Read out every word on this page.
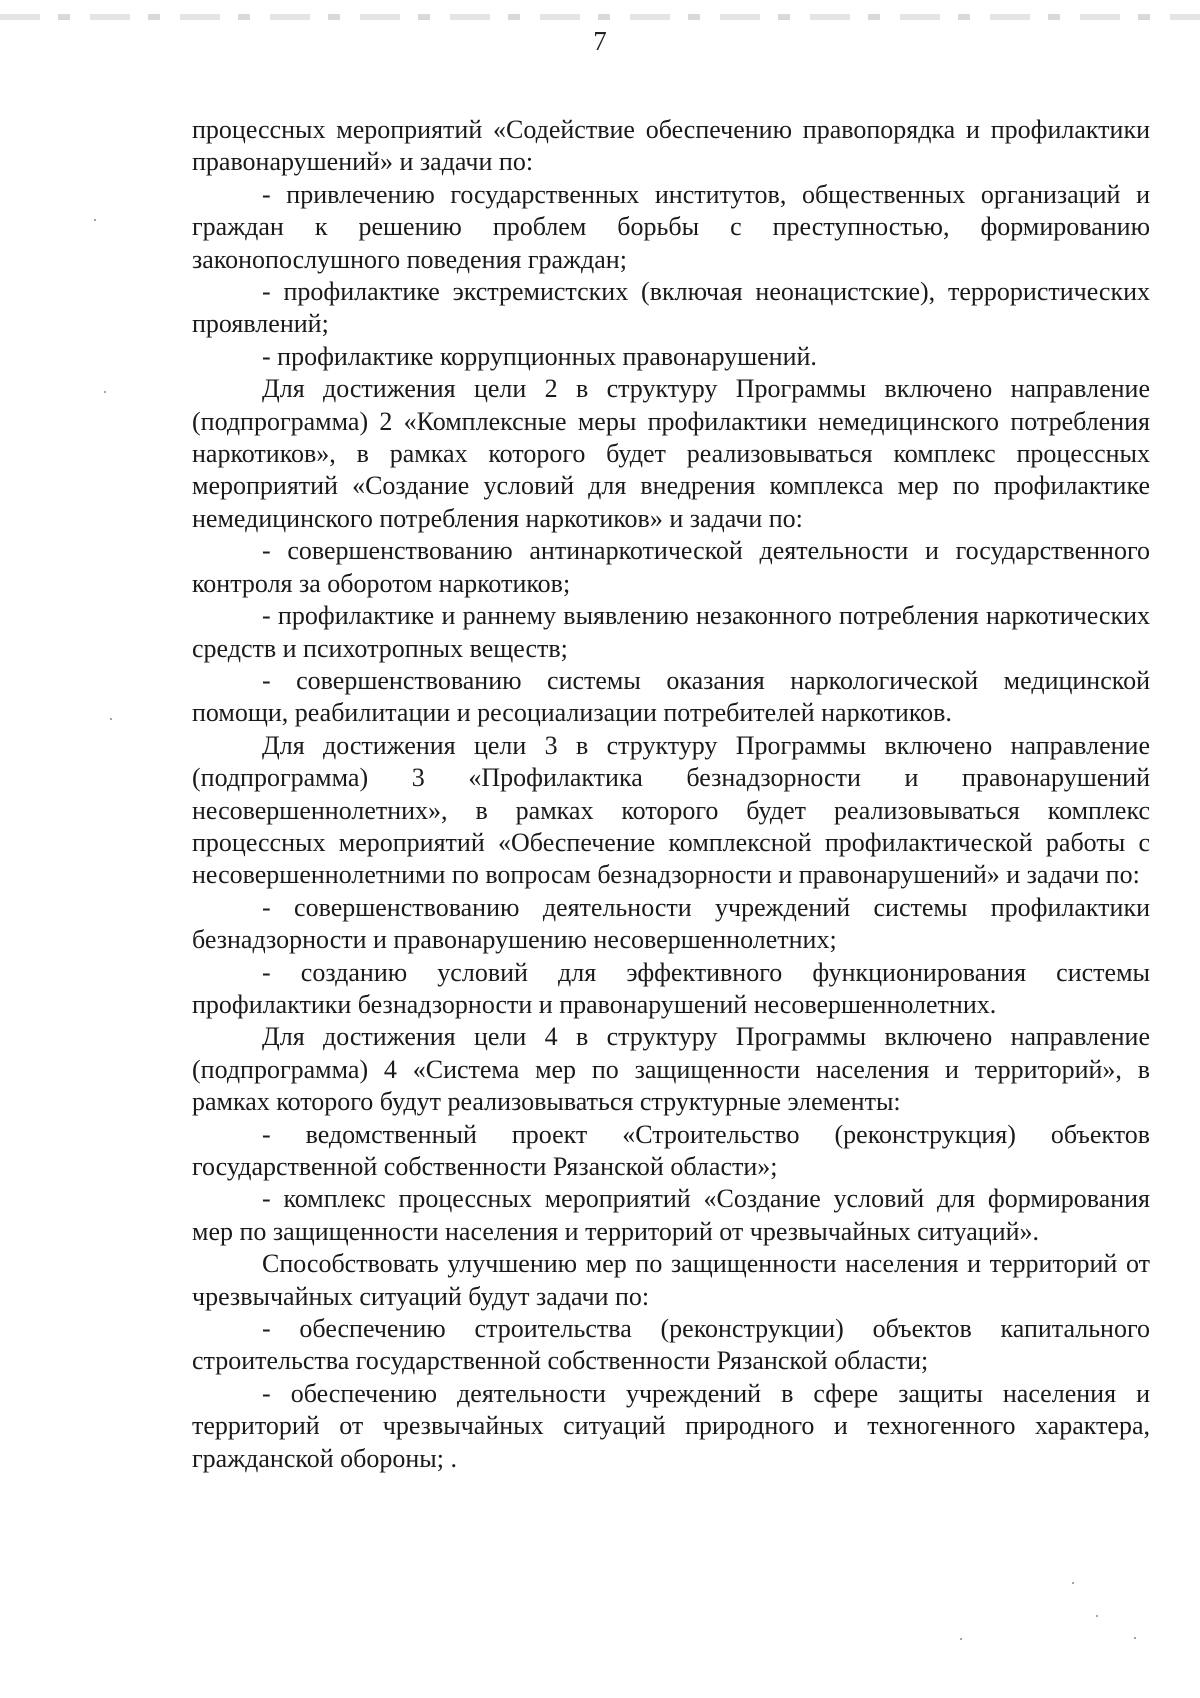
7

процессных мероприятий «Содействие обеспечению правопорядка и профилактики правонарушений» и задачи по:

- привлечению государственных институтов, общественных организаций и граждан к решению проблем борьбы с преступностью, формированию законопослушного поведения граждан;

- профилактике экстремистских (включая неонацистские), террористических проявлений;

- профилактике коррупционных правонарушений.

Для достижения цели 2 в структуру Программы включено направление (подпрограмма) 2 «Комплексные меры профилактики немедицинского потребления наркотиков», в рамках которого будет реализовываться комплекс процессных мероприятий «Создание условий для внедрения комплекса мер по профилактике немедицинского потребления наркотиков» и задачи по:

- совершенствованию антинаркотической деятельности и государственного контроля за оборотом наркотиков;

- профилактике и раннему выявлению незаконного потребления наркотических средств и психотропных веществ;

- совершенствованию системы оказания наркологической медицинской помощи, реабилитации и ресоциализации потребителей наркотиков.

Для достижения цели 3 в структуру Программы включено направление (подпрограмма) 3 «Профилактика безнадзорности и правонарушений несовершеннолетних», в рамках которого будет реализовываться комплекс процессных мероприятий «Обеспечение комплексной профилактической работы с несовершеннолетними по вопросам безнадзорности и правонарушений» и задачи по:

- совершенствованию деятельности учреждений системы профилактики безнадзорности и правонарушению несовершеннолетних;

- созданию условий для эффективного функционирования системы профилактики безнадзорности и правонарушений несовершеннолетних.

Для достижения цели 4 в структуру Программы включено направление (подпрограмма) 4 «Система мер по защищенности населения и территорий», в рамках которого будут реализовываться структурные элементы:

- ведомственный проект «Строительство (реконструкция) объектов государственной собственности Рязанской области»;

- комплекс процессных мероприятий «Создание условий для формирования мер по защищенности населения и территорий от чрезвычайных ситуаций».

Способствовать улучшению мер по защищенности населения и территорий от чрезвычайных ситуаций будут задачи по:

- обеспечению строительства (реконструкции) объектов капитального строительства государственной собственности Рязанской области;

- обеспечению деятельности учреждений в сфере защиты населения и территорий от чрезвычайных ситуаций природного и техногенного характера, гражданской обороны; .
